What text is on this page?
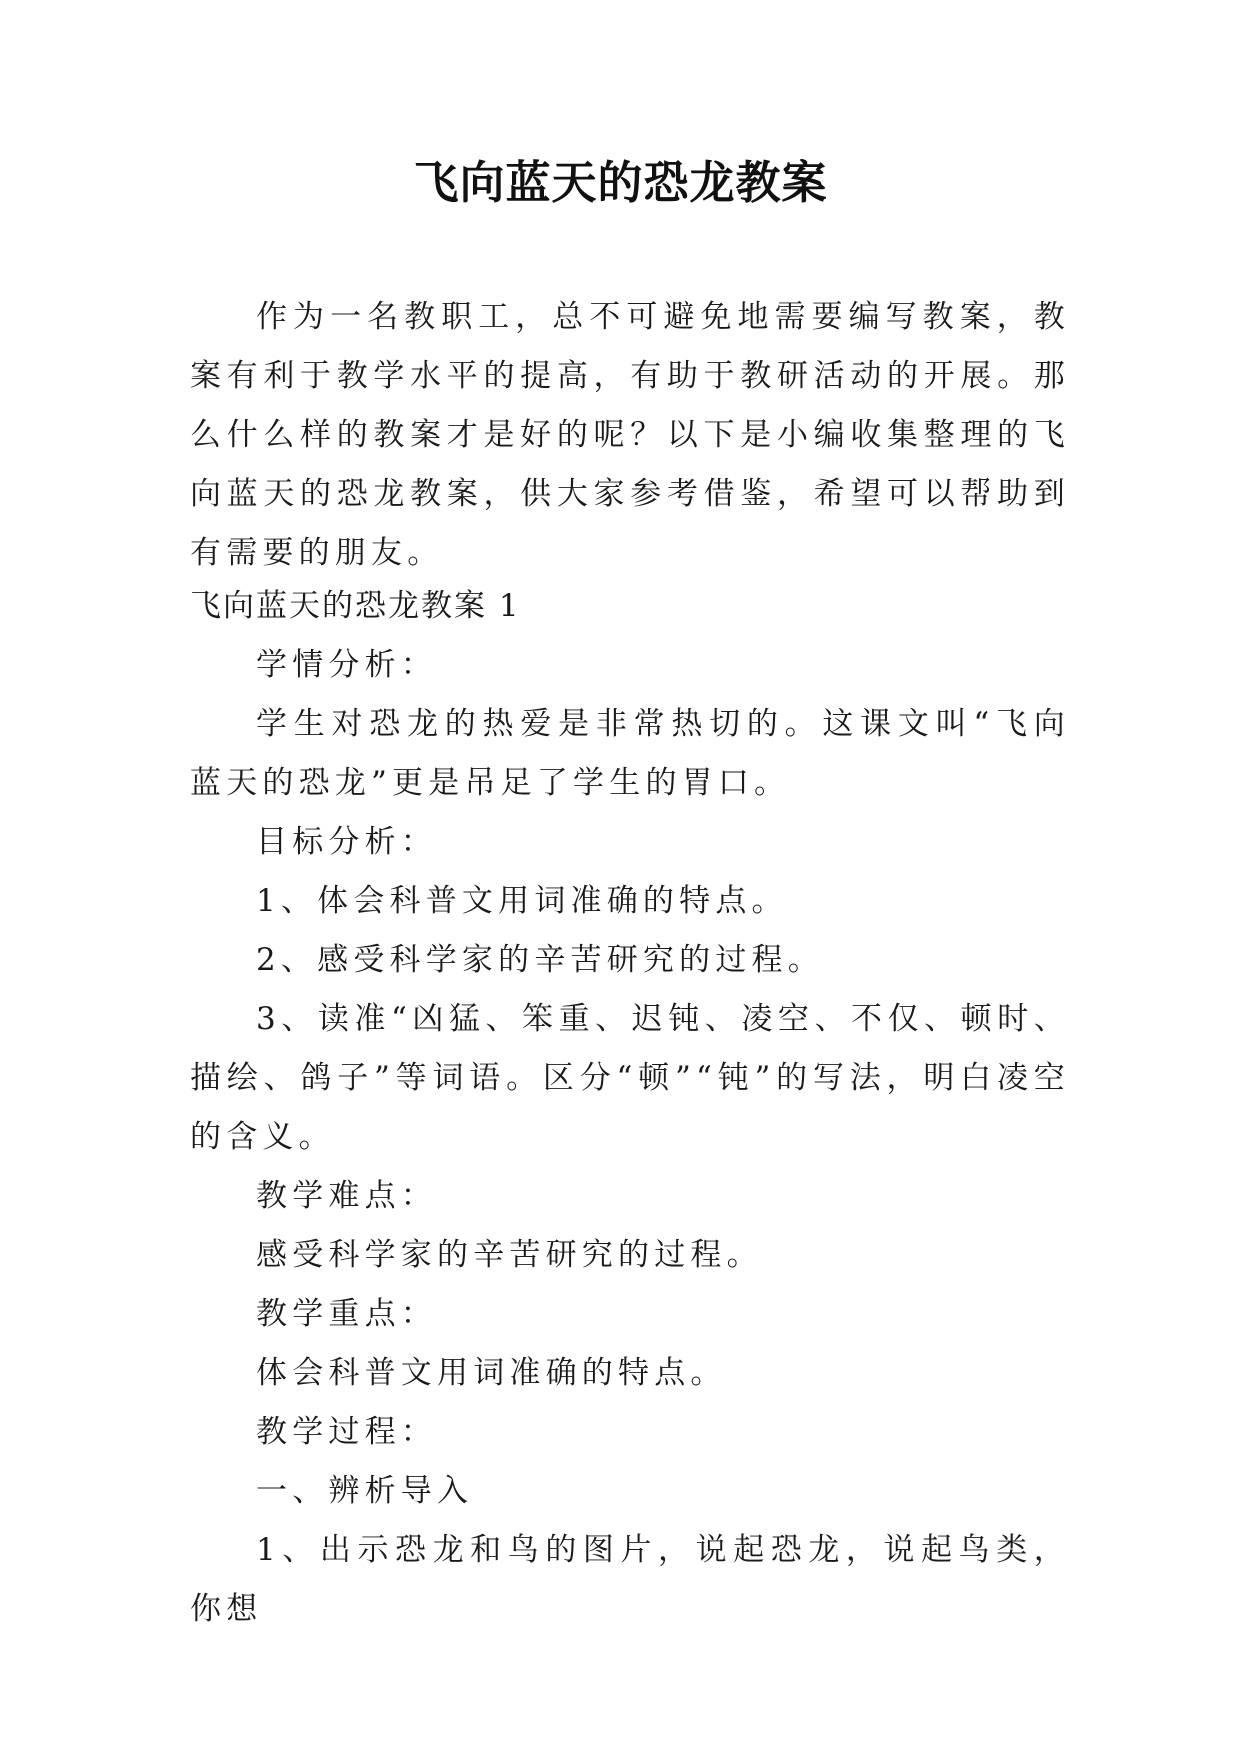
飞向蓝天的恐龙教案

作为一名教职工，总不可避免地需要编写教案，教案有利于教学水平的提高，有助于教研活动的开展。那么什么样的教案才是好的呢？以下是小编收集整理的飞向蓝天的恐龙教案，供大家参考借鉴，希望可以帮助到有需要的朋友。

飞向蓝天的恐龙教案 1

学情分析：

学生对恐龙的热爱是非常热切的。这课文叫“飞向蓝天的恐龙”更是吊足了学生的胃口。

目标分析：

1、体会科普文用词准确的特点。

2、感受科学家的辛苦研究的过程。

3、读准“凶猛、笨重、迟钝、凌空、不仅、顿时、描绘、鸽子”等词语。区分“顿”“钝”的写法，明白凌空的含义。

教学难点：

感受科学家的辛苦研究的过程。

教学重点：

体会科普文用词准确的特点。

教学过程：

一、辨析导入

1、出示恐龙和鸟的图片，说起恐龙，说起鸟类，你想
